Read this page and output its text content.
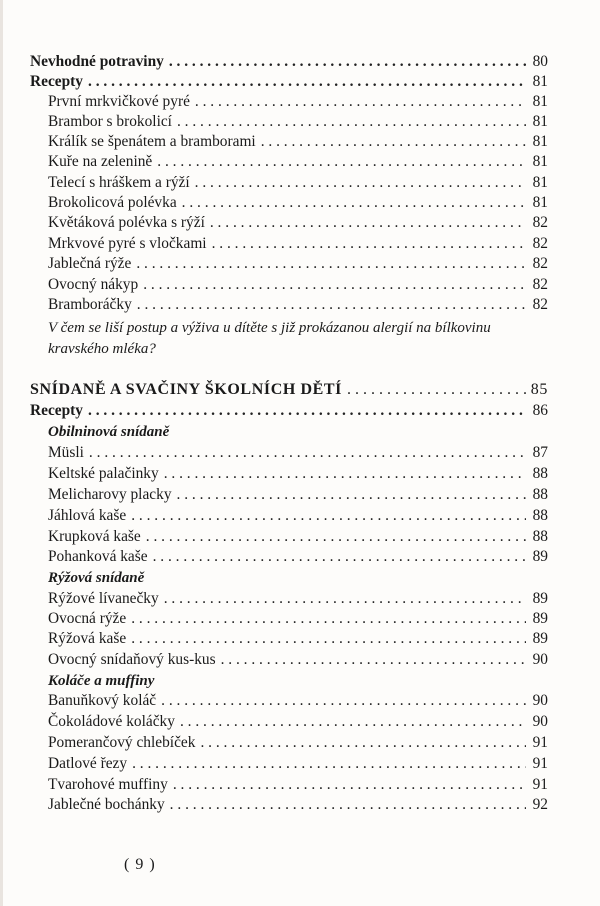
Nevhodné potraviny . . .	80
Recepty . . .	81
První mrkvičkové pyré . . .	81
Brambor s brokolicí . . .	81
Králík se špenátem a bramborami . . .	81
Kuře na zelenině . . .	81
Telecí s hráškem a rýží . . .	81
Brokolicová polévka . . .	81
Květáková polévka s rýží . . .	82
Mrkvové pyré s vločkami . . .	82
Jablečná rýže . . .	82
Ovocný nákyp . . .	82
Bramboráčky . . .	82
V čem se liší postup a výživa u dítěte s již prokázanou alergií na bílkovinu
kravského mléka?
SNÍDANĚ A SVAČINY ŠKOLNÍCH DĚTÍ . . .	85
Recepty . . .	86
Obilninová snídaně
Müsli . . .	87
Keltské palačinky . . .	88
Melicharovy placky . . .	88
Jáhlová kaše . . .	88
Krupková kaše . . .	88
Pohanková kaše . . .	89
Rýžová snídaně
Rýžové lívanečky . . .	89
Ovocná rýže . . .	89
Rýžová kaše . . .	89
Ovocný snídaňový kus-kus . . .	90
Koláče a muffiny
Banuňkový koláč . . .	90
Čokoládové koláčky . . .	90
Pomerančový chlebíček . . .	91
Datlové řezy . . .	91
Tvarohové muffiny . . .	91
Jablečné bochánky . . .	92
( 9 )
